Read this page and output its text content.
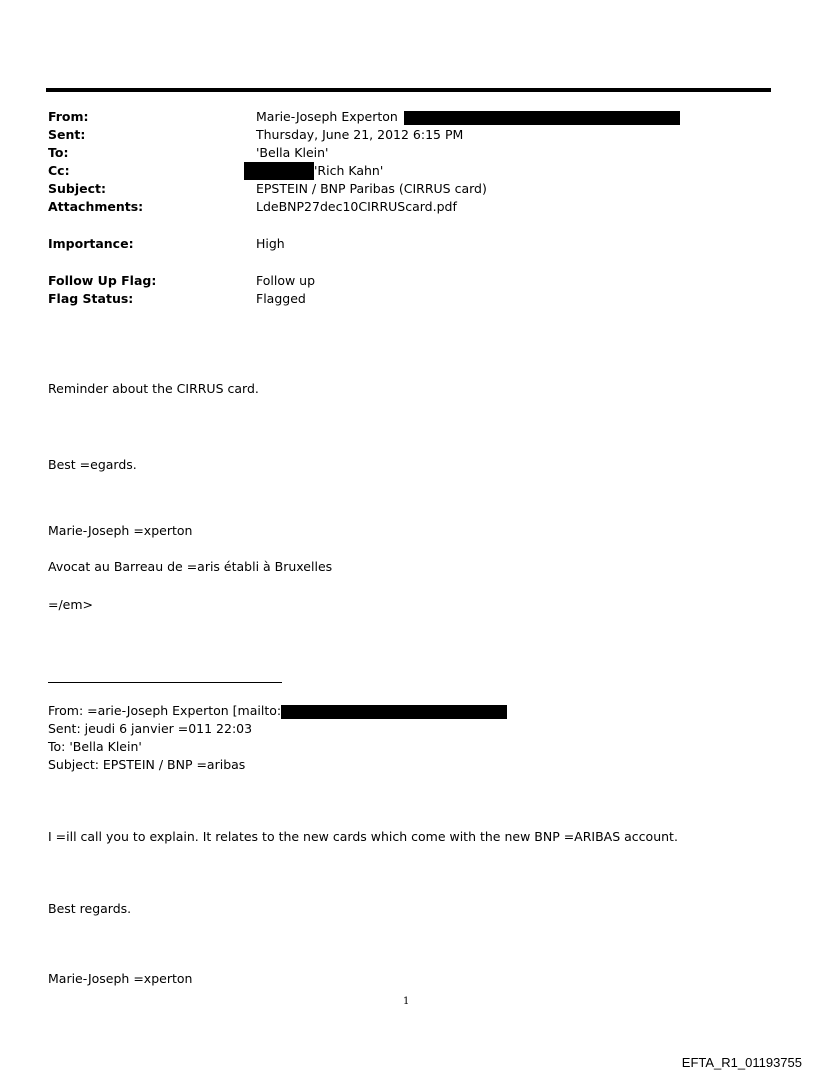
From:	Marie-Joseph Experton
Sent:	Thursday, June 21, 2012 6:15 PM
To:	'Bella Klein'
Cc:	'Rich Kahn'
Subject:	EPSTEIN / BNP Paribas (CIRRUS card)
Attachments:	LdeBNP27dec10CIRRUScard.pdf
Importance:	High
Follow Up Flag:	Follow up
Flag Status:	Flagged
Reminder about the CIRRUS card.
Best =egards.
Marie-Joseph =xperton
Avocat au Barreau de =aris établi à Bruxelles
=/em>
From: =arie-Joseph Experton [mailto:
Sent: jeudi 6 janvier =011 22:03
To: 'Bella Klein'
Subject: EPSTEIN / BNP =aribas
I =ill call you to explain. It relates to the new cards which come with the new BNP =ARIBAS account.
Best regards.
Marie-Joseph =xperton
1
EFTA_R1_01193755
